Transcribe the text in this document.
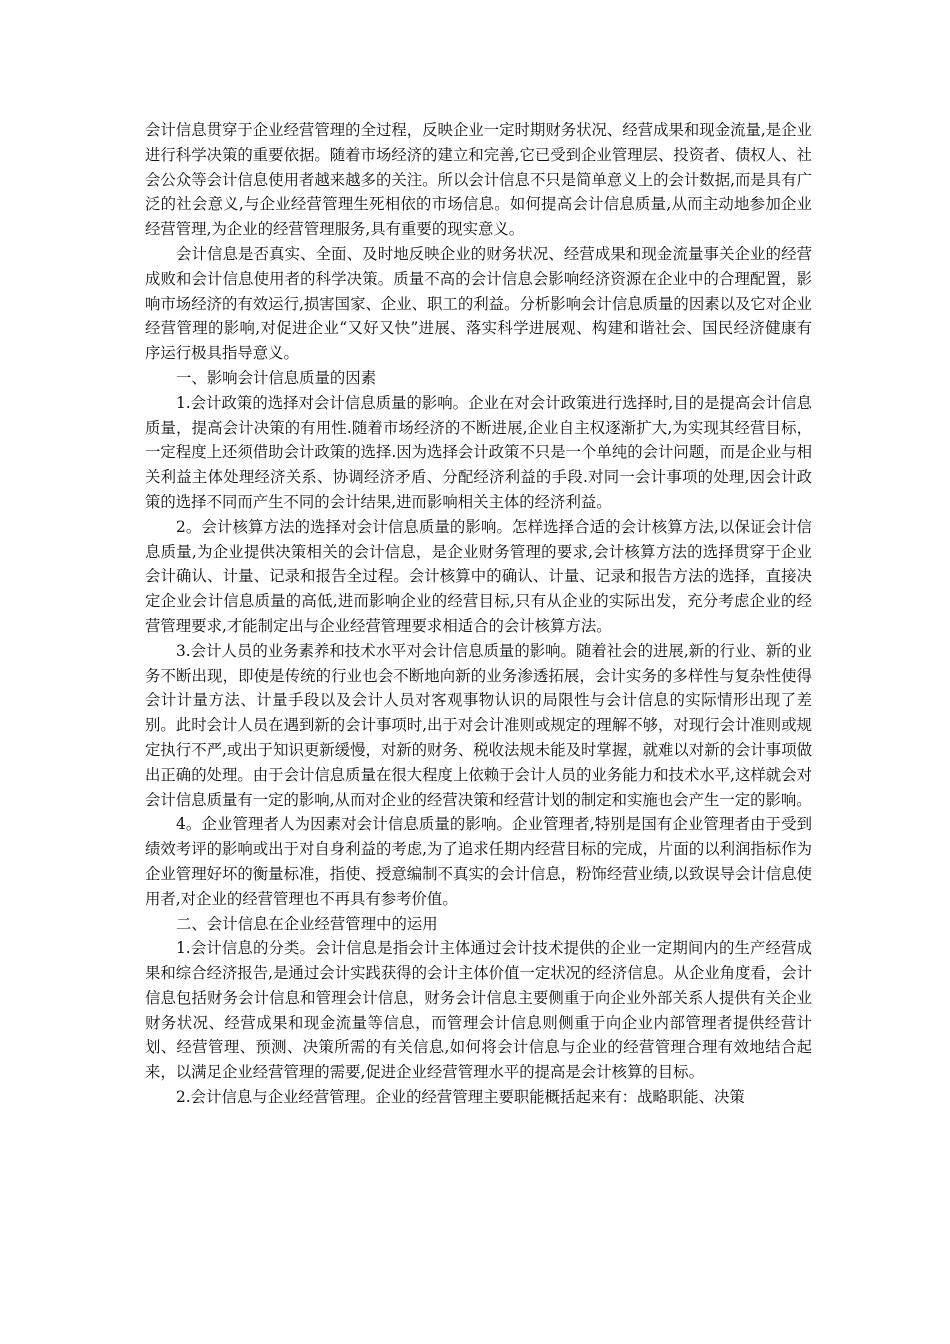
会计信息贯穿于企业经营管理的全过程，反映企业一定时期财务状况、经营成果和现金流量,是企业进行科学决策的重要依据。随着市场经济的建立和完善,它已受到企业管理层、投资者、债权人、社会公众等会计信息使用者越来越多的关注。所以会计信息不只是简单意义上的会计数据,而是具有广泛的社会意义,与企业经营管理生死相依的市场信息。如何提高会计信息质量,从而主动地参加企业经营管理,为企业的经营管理服务,具有重要的现实意义。

会计信息是否真实、全面、及时地反映企业的财务状况、经营成果和现金流量事关企业的经营成败和会计信息使用者的科学决策。质量不高的会计信息会影响经济资源在企业中的合理配置，影响市场经济的有效运行,损害国家、企业、职工的利益。分析影响会计信息质量的因素以及它对企业经营管理的影响,对促进企业“又好又快”进展、落实科学进展观、构建和谐社会、国民经济健康有序运行极具指导意义。

一、影响会计信息质量的因素

1.会计政策的选择对会计信息质量的影响。企业在对会计政策进行选择时,目的是提高会计信息质量，提高会计决策的有用性.随着市场经济的不断进展,企业自主权逐渐扩大,为实现其经营目标，一定程度上还须借助会计政策的选择.因为选择会计政策不只是一个单纯的会计问题，而是企业与相关利益主体处理经济关系、协调经济矛盾、分配经济利益的手段.对同一会计事项的处理,因会计政策的选择不同而产生不同的会计结果,进而影响相关主体的经济利益。

2。会计核算方法的选择对会计信息质量的影响。怎样选择合适的会计核算方法,以保证会计信息质量,为企业提供决策相关的会计信息，是企业财务管理的要求,会计核算方法的选择贯穿于企业会计确认、计量、记录和报告全过程。会计核算中的确认、计量、记录和报告方法的选择，直接决定企业会计信息质量的高低,进而影响企业的经营目标,只有从企业的实际出发，充分考虑企业的经营管理要求,才能制定出与企业经营管理要求相适合的会计核算方法。

3.会计人员的业务素养和技术水平对会计信息质量的影响。随着社会的进展,新的行业、新的业务不断出现，即使是传统的行业也会不断地向新的业务渗透拓展，会计实务的多样性与复杂性使得会计计量方法、计量手段以及会计人员对客观事物认识的局限性与会计信息的实际情形出现了差别。此时会计人员在遇到新的会计事项时,出于对会计准则或规定的理解不够，对现行会计准则或规定执行不严,或出于知识更新缓慢，对新的财务、税收法规未能及时掌握，就难以对新的会计事项做出正确的处理。由于会计信息质量在很大程度上依赖于会计人员的业务能力和技术水平,这样就会对会计信息质量有一定的影响,从而对企业的经营决策和经营计划的制定和实施也会产生一定的影响。

4。企业管理者人为因素对会计信息质量的影响。企业管理者,特别是国有企业管理者由于受到绩效考评的影响或出于对自身利益的考虑,为了追求任期内经营目标的完成，片面的以利润指标作为企业管理好坏的衡量标准，指使、授意编制不真实的会计信息，粉饰经营业绩,以致误导会计信息使用者,对企业的经营管理也不再具有参考价值。

二、会计信息在企业经营管理中的运用

1.会计信息的分类。会计信息是指会计主体通过会计技术提供的企业一定期间内的生产经营成果和综合经济报告,是通过会计实践获得的会计主体价值一定状况的经济信息。从企业角度看，会计信息包括财务会计信息和管理会计信息，财务会计信息主要侧重于向企业外部关系人提供有关企业财务状况、经营成果和现金流量等信息，而管理会计信息则侧重于向企业内部管理者提供经营计划、经营管理、预测、决策所需的有关信息,如何将会计信息与企业的经营管理合理有效地结合起来，以满足企业经营管理的需要,促进企业经营管理水平的提高是会计核算的目标。

2.会计信息与企业经营管理。企业的经营管理主要职能概括起来有：战略职能、决策
